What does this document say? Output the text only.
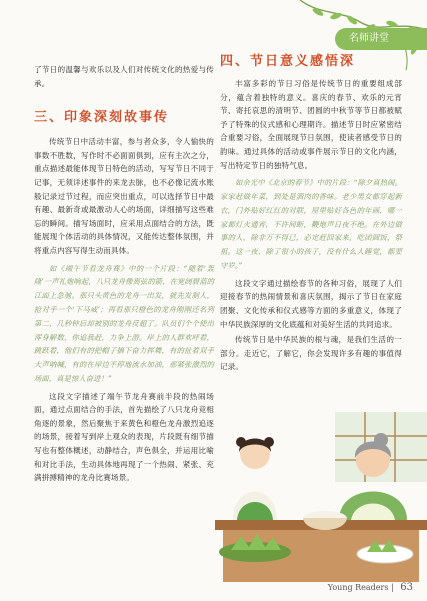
名师讲堂

了节日的温馨与欢乐以及人们对传统文化的热爱与传承。

三、印象深刻故事传

传统节日中活动丰富，参与者众多，令人愉快的事数不胜数，写作时不必面面俱到，应有主次之分，重点描述最能体现节日特色的活动，写写节日不同于记事，无须详述事件的来龙去脉，也不必像记流水账般记录过节过程，而应突出重点，可以选择节日中最有趣、最新奇或最激动人心的场面，详细描写这些难忘的瞬间。描写场面时，应采用点面结合的方法，既能展现个体活动的具体情况，又能传达整体氛围，并将重点内容写得生动而具体。

如《端午节看龙舟赛》中的一个片段：“随着‘轰隆’一声礼炮响起，八只龙舟像离弦的箭，在宽阔碧蓝的江面上急驰。那只头黄色的龙舟一出发，就先发制人，抢对手一个‘下马威’；再看那只橙色的龙舟刚刚还名列第二，几秒钟后却被别的龙舟反超了。队员们个个使出浑身解数，你追我赶，力争上游。岸上的人群欢呼着，跳跃着，他们有的把帽子摘下奋力挥舞，有的扯着双手大声呐喊，有的在岸边不停地流水加油，那紧张激烈的场面，真是惊人奋进！”

这段文字描述了端午节龙舟赛前半段的热闹场面，通过点面结合的手法，首先描绘了八只龙舟竞相角逐的景象，然后聚焦于来黄色和橙色龙舟激烈追逐的场景，接着写到岸上观众的表现，片段既有细节描写也有整体概述，动静结合，声色俱全，并运用比喻和对比手法，生动具体地再现了一个热闹、紧张、充满拼搏精神的龙舟比赛场景。

四、节日意义感悟深

丰富多彩的节日习俗是传统节日的重要组成部分，蕴含着独特的意义。喜庆的春节、欢乐的元宵节、寄托哀思的清明节、团圆的中秋节等节日都被赋予了特殊的仪式感和心理期许。描述节日时应紧密结合重要习俗，全面展现节日氛围，使读者感受节日的韵味。通过具体的活动或事件展示节日的文化内涵，写出特定节日的独特气息。

如余光中《北京的春节》中的片段：“除夕真热闹。家家赶做年菜，到处是酒肉的香味。老少男女都穿起新衣，门外贴好红红的对联，屋里贴好各色的年画，哪一家都灯火通宵，不许间断，鞭炮声日夜不绝。在外边做事的人，除非万不得已，必定赶回家来，吃团圆饭，祭祖。这一夜，除了很小的孩子，没有什么人睡觉，都要守岁。”

这段文字通过描绘春节的各种习俗，展现了人们迎接春节的热闹情景和喜庆氛围，揭示了节日在家庭团聚、文化传承和仪式感等方面的多重意义，体现了中华民族深厚的文化底蕴和对美好生活的共同追求。

传统节日是中华民族的根与魂，是我们生活的一部分。走近它，了解它，你会发现许多有趣的事值得记录。

Young Readers | 63
